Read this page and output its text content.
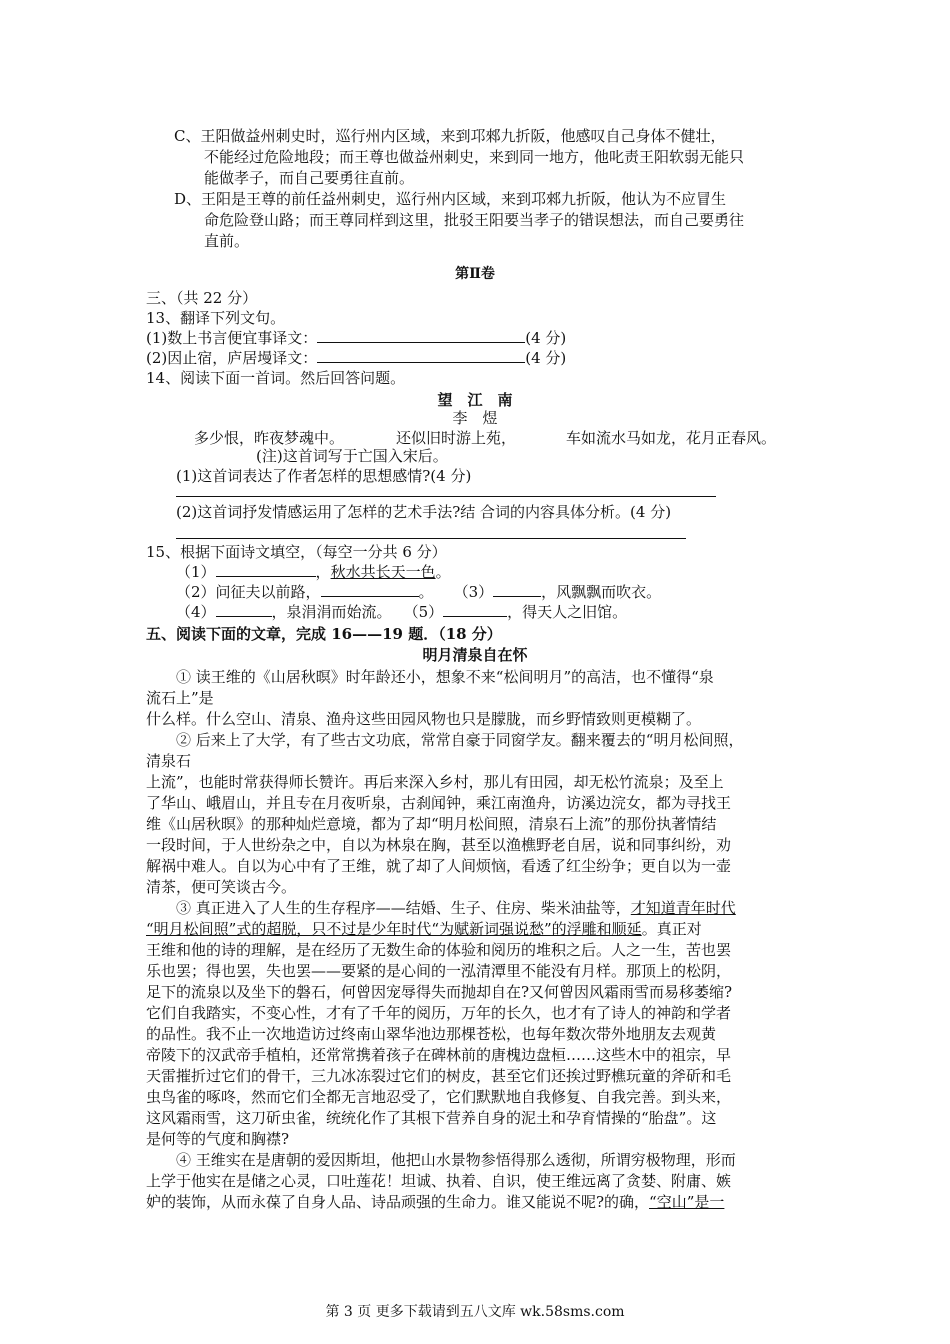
C、王阳做益州刺史时，巡行州内区域，来到邛郲九折阪，他感叹自己身体不健壮，
不能经过危险地段；而王尊也做益州刺史，来到同一地方，他叱责王阳软弱无能只
能做孝子，而自己要勇往直前。
D、王阳是王尊的前任益州刺史，巡行州内区域，来到邛郲九折阪，他认为不应冒生
命危险登山路；而王尊同样到这里，批驳王阳要当孝子的错误想法，而自己要勇往
直前。
第Ⅱ卷
三、（共 22 分）
13、翻译下列文句。
(1)数上书言便宜事译文：	(4 分)
(2)因止宿，庐居墁译文：	(4 分)
14、阅读下面一首词。然后回答问题。
望　江　南
李　煜
多少恨，昨夜梦魂中。	还似旧时游上苑，	车如流水马如龙，花月正春风。
(注)这首词写于亡国入宋后。
(1)这首词表达了作者怎样的思想感情?(4 分)
(2)这首词抒发情感运用了怎样的艺术手法?结 合词的内容具体分析。(4 分)
15、根据下面诗文填空，（每空一分共 6 分）
（1）	，秋水共长天一色。
（2）问征夫以前路，	。 （3）	，风飘飘而吹衣。
（4）	，泉涓涓而始流。 （5）	，得天人之旧馆。
五、阅读下面的文章，完成 16——19 题．（18 分）
明月清泉自在怀
① 读王维的《山居秋暝》时年龄还小，想象不来“松间明月”的高洁，也不懂得“泉
流石上”是
什么样。什么空山、清泉、渔舟这些田园风物也只是朦胧，而乡野情致则更模糊了。
② 后来上了大学，有了些古文功底，常常自豪于同窗学友。翻来覆去的“明月松间照，
清泉石
上流”，也能时常获得师长赞许。再后来深入乡村，那儿有田园，却无松竹流泉；及至上
了华山、峨眉山，并且专在月夜听泉，古刹闻钟，乘江南渔舟，访溪边浣女，都为寻找王
维《山居秋暝》的那种灿烂意境，都为了却“明月松间照，清泉石上流”的那份执著情结
一段时间，于人世纷杂之中，自以为林泉在胸，甚至以渔樵野老自居，说和同事纠纷，劝
解祸中难人。自以为心中有了王维，就了却了人间烦恼，看透了红尘纷争；更自以为一壶
清茶，便可笑谈古今。
③ 真正进入了人生的生存程序——结婚、生子、住房、柴米油盐等，才知道青年时代
“明月松间照”式的超脱，只不过是少年时代“为赋新词强说愁”的浮雕和顺延。真正对
王维和他的诗的理解，是在经历了无数生命的体验和阅历的堆积之后。人之一生，苦也罢
乐也罢；得也罢，失也罢——要紧的是心间的一泓清潭里不能没有月样。那顶上的松阴，
足下的流泉以及坐下的磐石，何曾因宠辱得失而抛却自在?又何曾因风霜雨雪而易移萎缩?
它们自我踏实，不变心性，才有了千年的阅历，万年的长久，也才有了诗人的神韵和学者
的品性。我不止一次地造访过终南山翠华池边那棵苍松，也每年数次带外地朋友去观黄
帝陵下的汉武帝手植柏，还常常携着孩子在碑林前的唐槐边盘桓……这些木中的祖宗，早
天雷摧折过它们的骨干，三九冰冻裂过它们的树皮，甚至它们还挨过野樵玩童的斧斫和毛
虫鸟雀的啄咚，然而它们全都无言地忍受了，它们默默地自我修复、自我完善。到头来，
这风霜雨雪，这刀斫虫雀，统统化作了其根下营养自身的泥土和孕育情操的“胎盘”。这
是何等的气度和胸襟?
④ 王维实在是唐朝的爱因斯坦，他把山水景物参悟得那么透彻，所谓穷极物理，形而
上学于他实在是储之心灵，口吐莲花！坦诚、执着、自识，使王维远离了贪婪、附庸、嫉
妒的装饰，从而永葆了自身人品、诗品顽强的生命力。谁又能说不呢?的确，“空山”是一
第 3 页 更多下载请到五八文库 wk.58sms.com
